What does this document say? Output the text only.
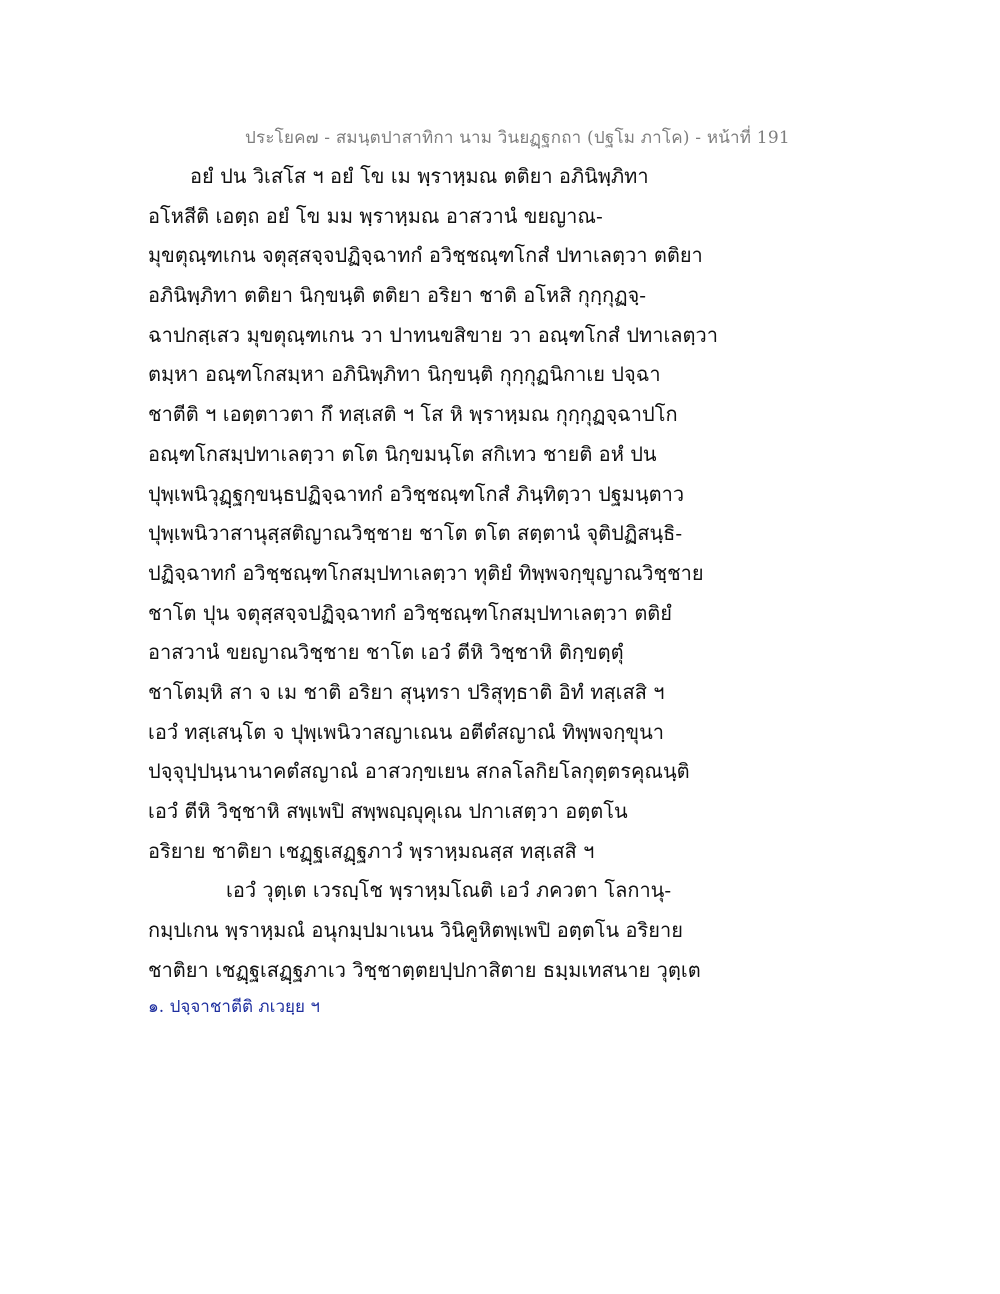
ประโยค๗ - สมนฺตปาสาทิกา นาม วินยฏฺฐกถา (ปฐโม ภาโค) - หน้าที่ 191
อยํ ปน วิเสโส ฯ อยํ โข เม พฺราหฺมณ ตติยา อภินิพฺภิทา
อโหสีติ เอตฺถ อยํ โข มม พฺราหฺมณ อาสวานํ ขยญาณ-
มุขตุณฺฑเกน จตุสฺสจฺจปฏิจฺฉาทกํ อวิชฺชณฺฑโกสํ ปทาเลตฺวา ตติยา
อภินิพฺภิทา ตติยา นิกฺขนฺติ ตติยา อริยา ชาติ อโหสิ กุกฺกุฏจฺ-
ฉาปกสฺเสว มุขตุณฺฑเกน วา ปาทนขสิขาย วา อณฺฑโกสํ ปทาเลตฺวา
ตมฺหา อณฺฑโกสมฺหา อภินิพฺภิทา นิกฺขนฺติ กุกฺกุฏนิกาเย ปจฺฉา
ชาตีติ ฯ เอตฺตาวตา กึ ทสฺเสติ ฯ โส หิ พฺราหฺมณ กุกฺกุฏจฺฉาปโก
อณฺฑโกสมฺปทาเลตฺวา ตโต นิกฺขมนฺโต สกิเทว ชายติ อหํ ปน
ปุพฺเพนิวุฏฺฐกฺขนฺธปฏิจฺฉาทกํ อวิชฺชณฺฑโกสํ ภินฺทิตฺวา ปฐมนฺตาว
ปุพฺเพนิวาสานุสฺสติญาณวิชฺชาย ชาโต ตโต สตฺตานํ จุติปฏิสนฺธิ-
ปฏิจฺฉาทกํ อวิชฺชณฺฑโกสมฺปทาเลตฺวา ทุติยํ ทิพฺพจกฺขุญาณวิชฺชาย
ชาโต ปุน จตุสฺสจฺจปฏิจฺฉาทกํ อวิชฺชณฺฑโกสมฺปทาเลตฺวา ตติยํ
อาสวานํ ขยญาณวิชฺชาย ชาโต เอวํ ตีหิ วิชฺชาหิ ติกฺขตฺตุํ
ชาโตมฺหิ สา จ เม ชาติ อริยา สุนฺทรา ปริสุทฺธาติ อิทํ ทสฺเสสิ ฯ
เอวํ ทสฺเสนฺโต จ ปุพฺเพนิวาสญาเณน อตีตํสญาณํ ทิพฺพจกฺขุนา
ปจฺจุปฺปนฺนานาคตํสญาณํ อาสวกฺขเยน สกลโลกิยโลกุตฺตรคุณนฺติ
เอวํ ตีหิ วิชฺชาหิ สพฺเพปิ สพฺพญฺญุคุเณ ปกาเสตฺวา อตฺตโน
อริยาย ชาติยา เชฏฺฐเสฏฺฐภาวํ พฺราหฺมณสฺส ทสฺเสสิ ฯ
เอวํ วุตฺเต เวรญฺโช พฺราหฺมโณติ เอวํ ภควตา โลกานุ-
กมฺปเกน พฺราหฺมณํ อนุกมฺปมาเนน วินิคูหิตพฺเพปิ อตฺตโน อริยาย
ชาติยา เชฏฺฐเสฏฺฐภาเว วิชฺชาตฺตยปฺปกาสิตาย ธมฺมเทสนาย วุตฺเต
๑. ปจฺจาชาตีติ ภเวยฺย ฯ
